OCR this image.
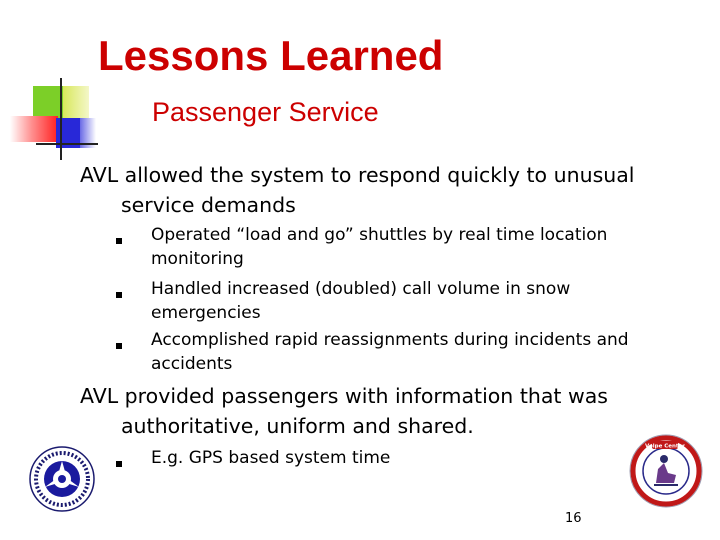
Lessons Learned
Passenger Service
AVL allowed the system to respond quickly to unusual
service demands
Operated “load and go” shuttles by real time location
monitoring
Handled increased (doubled) call volume in snow
emergencies
Accomplished rapid reassignments during incidents and
accidents
AVL provided passengers with information that was
authoritative, uniform and shared.
E.g. GPS based system time
Volpe Center
16
